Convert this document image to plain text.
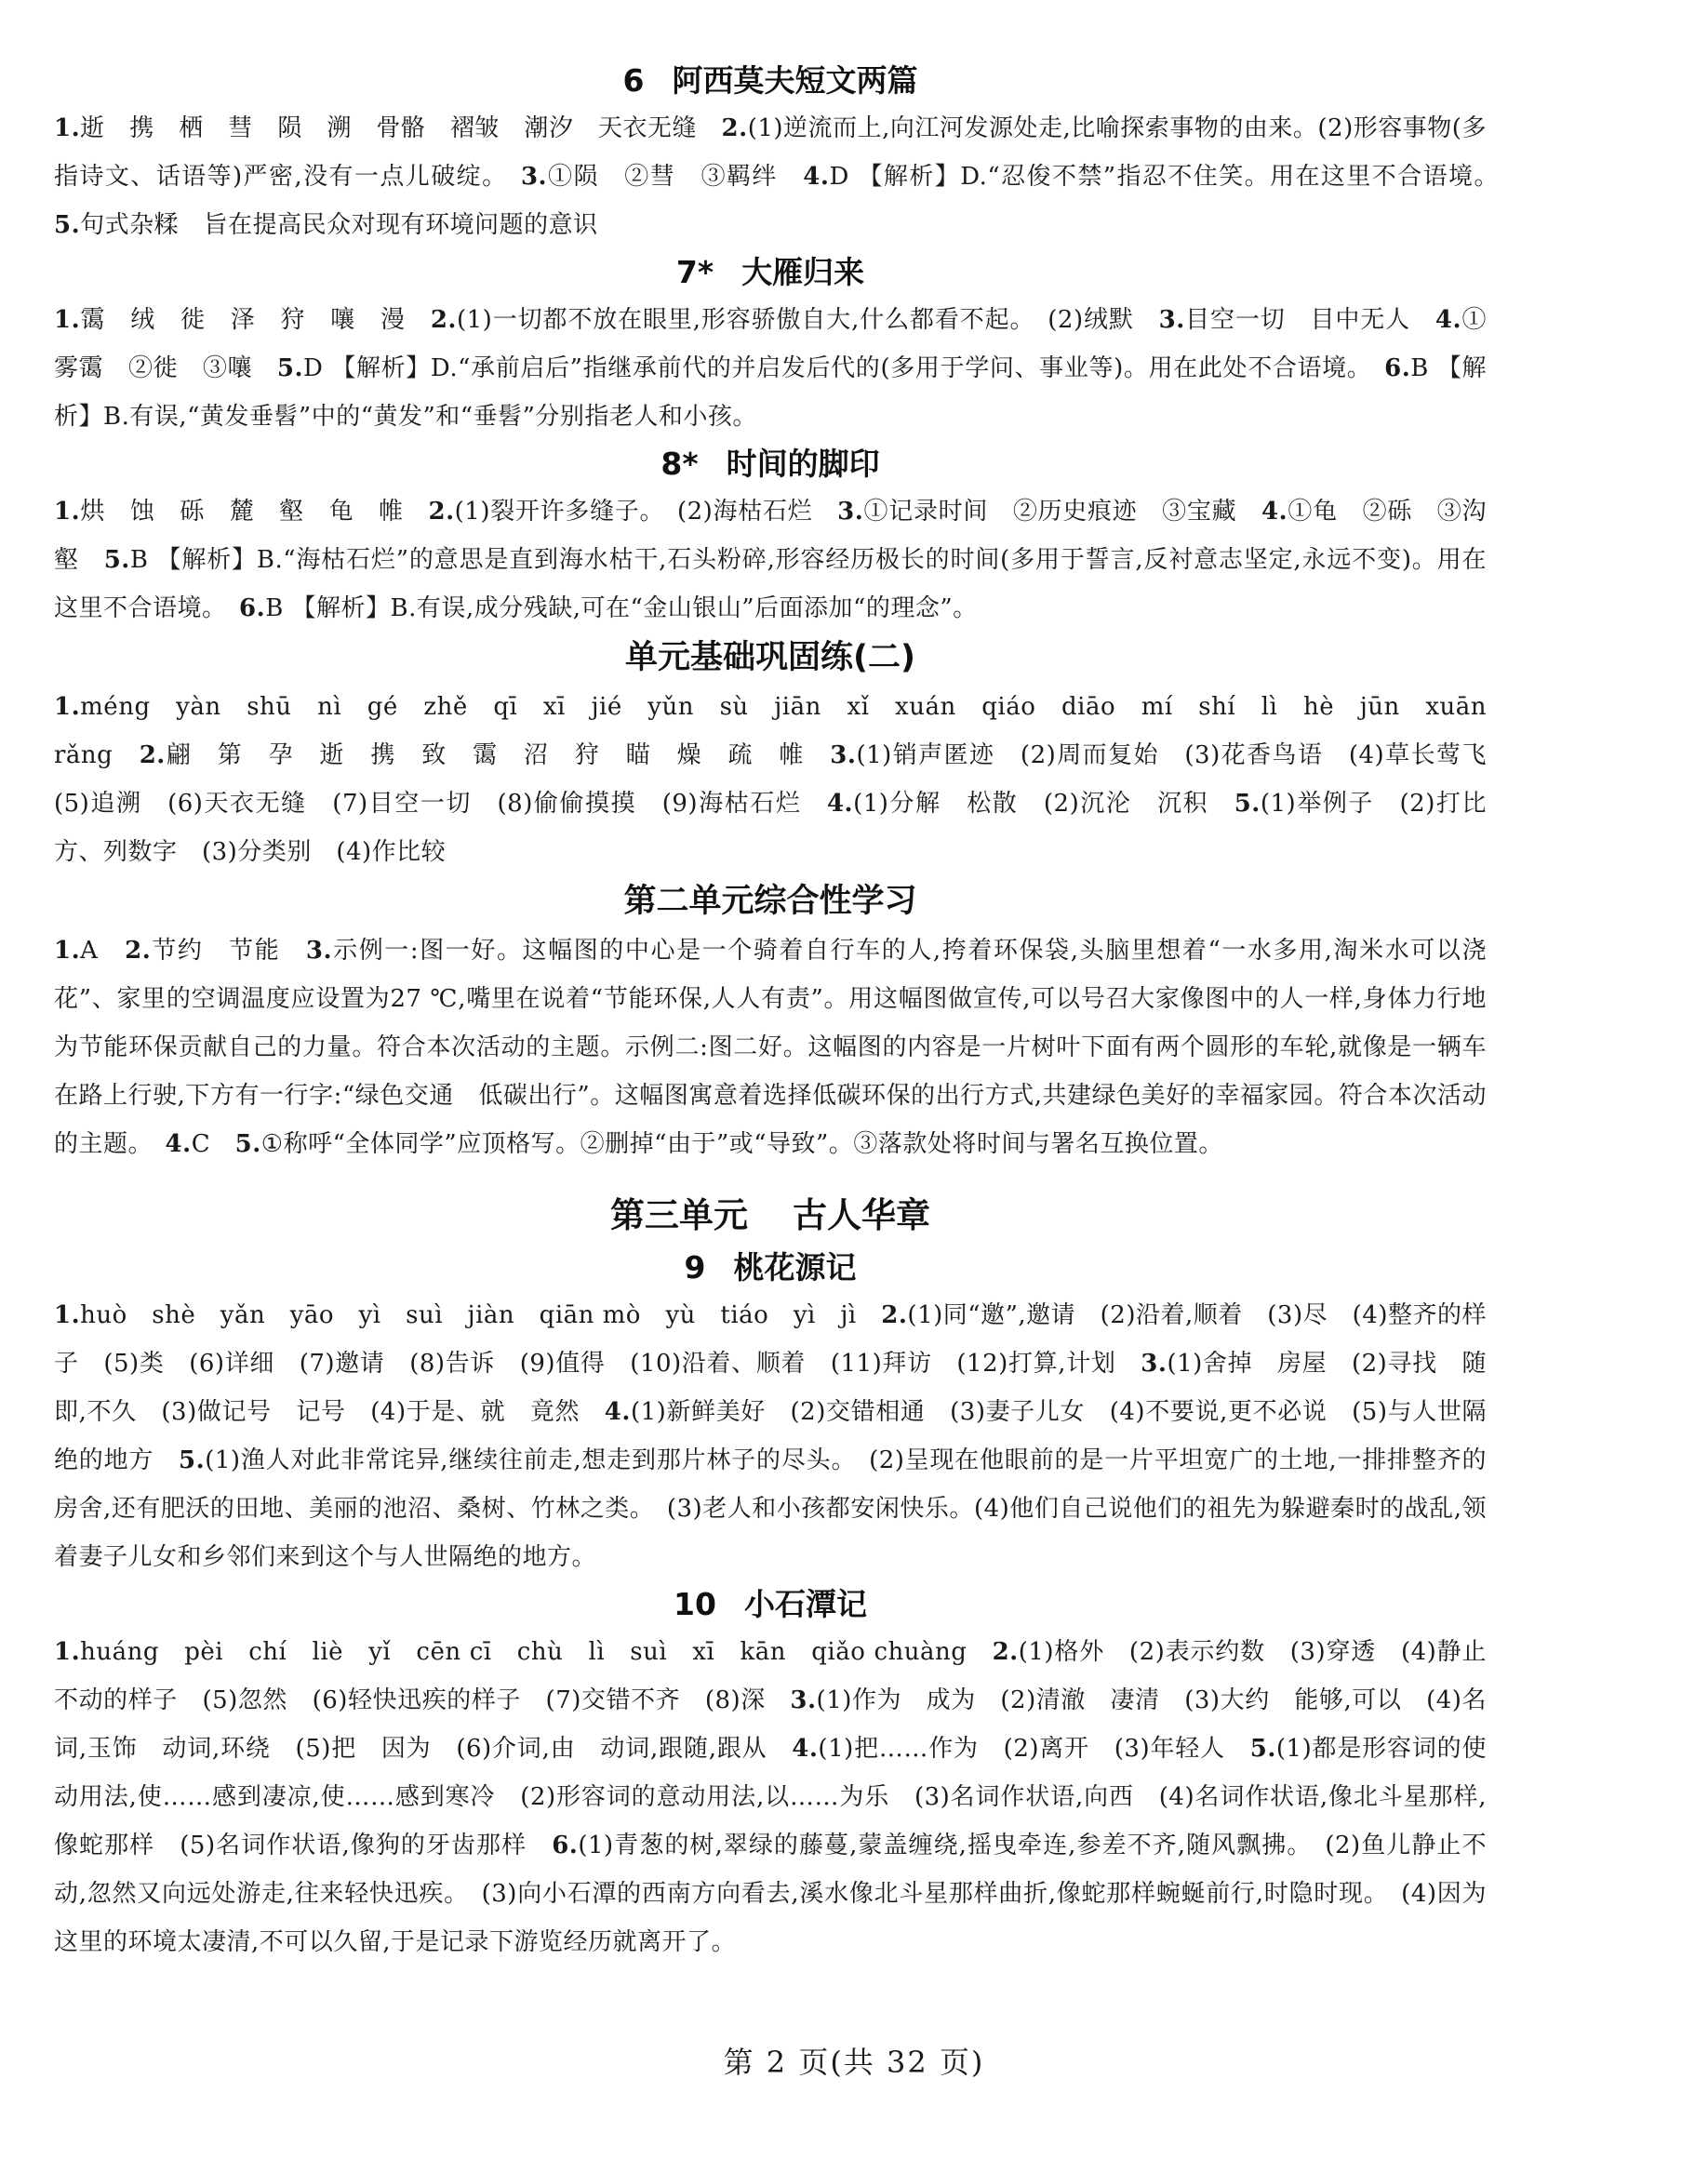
6 阿西莫夫短文两篇

1.逝　携　栖　彗　陨　溯　骨骼　褶皱　潮汐　天衣无缝　 2.(1)逆流而上,向江河发源处走,比喻探索事物的由来。(2)形容事物(多指诗文、话语等)严密,没有一点儿破绽。　 3.①陨　②彗　③羁绊　 4.D 【解析】D.“忍俊不禁”指忍不住笑。用在这里不合语境。　5.句式杂糅　旨在提高民众对现有环境问题的意识

7* 大雁归来

1.霭　绒　徙　泽　狩　嚷　漫　 2.(1)一切都不放在眼里,形容骄傲自大,什么都看不起。　(2)绒默　 3.目空一切　目中无人　 4.①雾霭　②徙　③嚷　 5.D 【解析】D.“承前启后”指继承前代的并启发后代的(多用于学问、事业等)。用在此处不合语境。　 6.B 【解析】B.有误,“黄发垂髫”中的“黄发”和“垂髫”分别指老人和小孩。

8* 时间的脚印

1.烘　蚀　砾　麓　壑　龟　帷　 2.(1)裂开许多缝子。　(2)海枯石烂　 3.①记录时间　②历史痕迹　③宝藏　 4.①龟　②砾　③沟壑　 5.B 【解析】B.“海枯石烂”的意思是直到海水枯干,石头粉碎,形容经历极长的时间(多用于誓言,反衬意志坚定,永远不变)。用在这里不合语境。　 6.B 【解析】B.有误,成分残缺,可在“金山银山”后面添加“的理念”。

单元基础巩固练(二)

1.méng　yàn　shū　nì　gé　zhě　qī　xī　jié　yǔn　sù　jiān　xǐ　xuán　qiáo　diāo　mí　shí　lì　hè　jūn　xuān　rǎng　 2.翩　第　孕　逝　携　致　霭　沼　狩　瞄　燥　疏　帷　 3.(1)销声匿迹　(2)周而复始　(3)花香鸟语　(4)草长莺飞　(5)追溯　(6)天衣无缝　(7)目空一切　(8)偷偷摸摸　(9)海枯石烂　 4.(1)分解　松散　(2)沉沦　沉积　 5.(1)举例子　(2)打比方、列数字　(3)分类别　(4)作比较

第二单元综合性学习

1.A　 2.节约　节能　 3.示例一:图一好。这幅图的中心是一个骑着自行车的人,挎着环保袋,头脑里想着“一水多用,淘米水可以浇花”、家里的空调温度应设置为27 ℃,嘴里在说着“节能环保,人人有责”。用这幅图做宣传,可以号召大家像图中的人一样,身体力行地为节能环保贡献自己的力量。符合本次活动的主题。示例二:图二好。这幅图的内容是一片树叶下面有两个圆形的车轮,就像是一辆车在路上行驶,下方有一行字:“绿色交通　低碳出行”。这幅图寓意着选择低碳环保的出行方式,共建绿色美好的幸福家园。符合本次活动的主题。　 4.C　 5.①称呼“全体同学”应顶格写。②删掉“由于”或“导致”。③落款处将时间与署名互换位置。

第三单元 古人华章
9 桃花源记

1.huò　shè　yǎn　yāo　yì　suì　jiàn　qiān mò　yù　tiáo　yì　jì　 2.(1)同“邀”,邀请　(2)沿着,顺着　(3)尽　(4)整齐的样子　(5)类　(6)详细　(7)邀请　(8)告诉　(9)值得　(10)沿着、顺着　(11)拜访　(12)打算,计划　 3.(1)舍掉　房屋　(2)寻找　随即,不久　(3)做记号　记号　(4)于是、就　竟然　 4.(1)新鲜美好　(2)交错相通　(3)妻子儿女　(4)不要说,更不必说　(5)与人世隔绝的地方　 5.(1)渔人对此非常诧异,继续往前走,想走到那片林子的尽头。　(2)呈现在他眼前的是一片平坦宽广的土地,一排排整齐的房舍,还有肥沃的田地、美丽的池沼、桑树、竹林之类。　(3)老人和小孩都安闲快乐。(4)他们自己说他们的祖先为躲避秦时的战乱,领着妻子儿女和乡邻们来到这个与人世隔绝的地方。

10 小石潭记

1.huáng　pèi　chí　liè　yǐ　cēn cī　chù　lì　suì　xī　kān　qiǎo chuàng　 2.(1)格外　(2)表示约数　(3)穿透　(4)静止不动的样子　(5)忽然　(6)轻快迅疾的样子　(7)交错不齐　(8)深　 3.(1)作为　成为　(2)清澈　凄清　(3)大约　能够,可以　(4)名词,玉饰　动词,环绕　(5)把　因为　(6)介词,由　动词,跟随,跟从　 4.(1)把……作为　(2)离开　(3)年轻人　 5.(1)都是形容词的使动用法,使……感到凄凉,使……感到寒冷　(2)形容词的意动用法,以……为乐　(3)名词作状语,向西　(4)名词作状语,像北斗星那样,像蛇那样　(5)名词作状语,像狗的牙齿那样　 6.(1)青葱的树,翠绿的藤蔓,蒙盖缠绕,摇曳牵连,参差不齐,随风飘拂。　(2)鱼儿静止不动,忽然又向远处游走,往来轻快迅疾。　(3)向小石潭的西南方向看去,溪水像北斗星那样曲折,像蛇那样蜿蜒前行,时隐时现。　(4)因为这里的环境太凄清,不可以久留,于是记录下游览经历就离开了。

第 2 页(共 32 页)
